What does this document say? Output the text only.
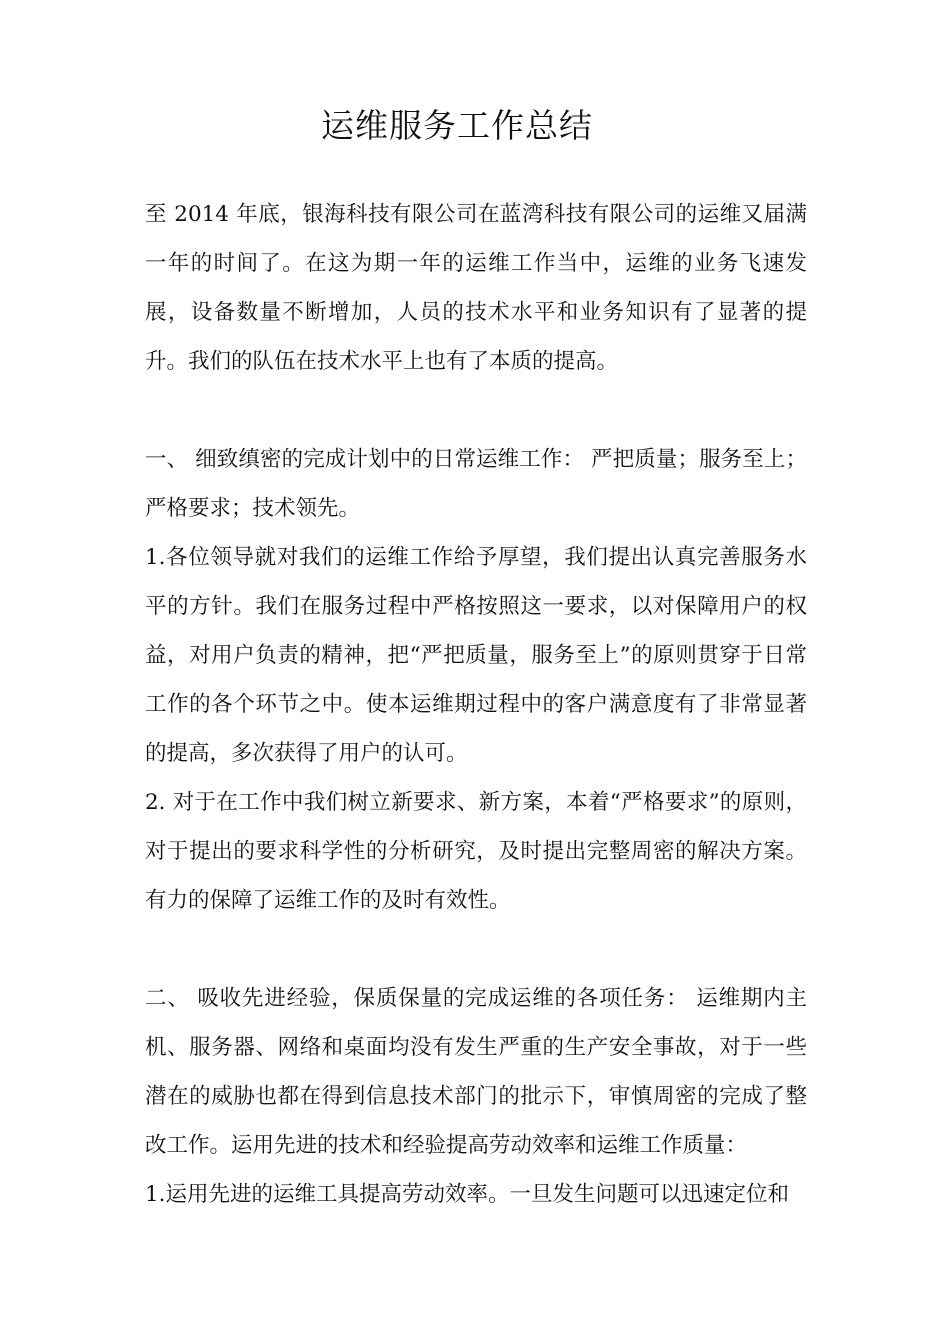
运维服务工作总结

至 2014 年底，银海科技有限公司在蓝湾科技有限公司的运维又届满一年的时间了。在这为期一年的运维工作当中，运维的业务飞速发展，设备数量不断增加，人员的技术水平和业务知识有了显著的提升。我们的队伍在技术水平上也有了本质的提高。

一、 细致缜密的完成计划中的日常运维工作： 严把质量；服务至上；严格要求；技术领先。

1.各位领导就对我们的运维工作给予厚望，我们提出认真完善服务水平的方针。我们在服务过程中严格按照这一要求，以对保障用户的权益，对用户负责的精神，把“严把质量，服务至上”的原则贯穿于日常工作的各个环节之中。使本运维期过程中的客户满意度有了非常显著的提高，多次获得了用户的认可。

2. 对于在工作中我们树立新要求、新方案，本着“严格要求”的原则，对于提出的要求科学性的分析研究，及时提出完整周密的解决方案。有力的保障了运维工作的及时有效性。

二、 吸收先进经验，保质保量的完成运维的各项任务： 运维期内主机、服务器、网络和桌面均没有发生严重的生产安全事故，对于一些潜在的威胁也都在得到信息技术部门的批示下，审慎周密的完成了整改工作。运用先进的技术和经验提高劳动效率和运维工作质量：

1.运用先进的运维工具提高劳动效率。一旦发生问题可以迅速定位和
